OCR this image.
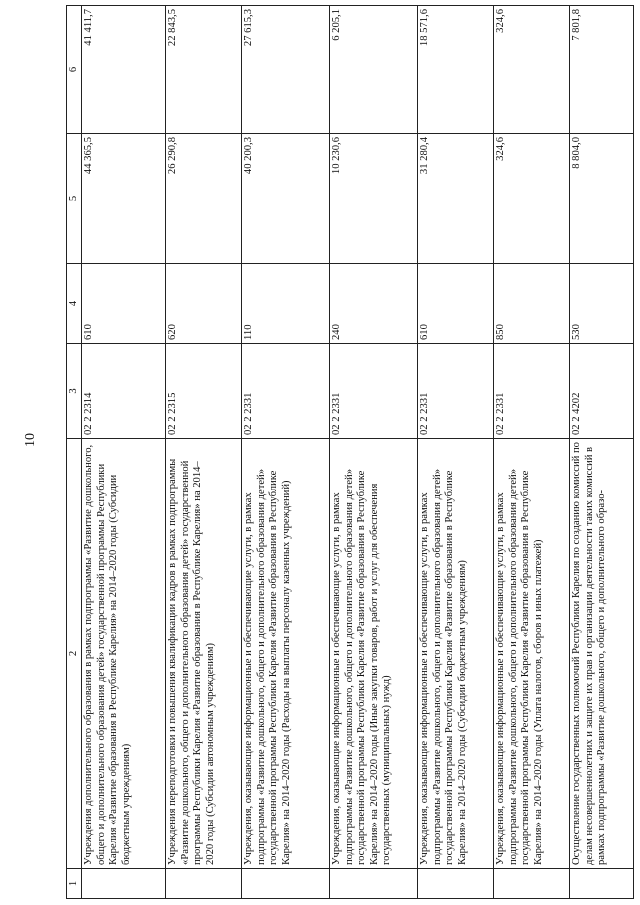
10
1	2	3	4	5	6
	Учреждения дополнительного образования в рамках подпрограммы «Развитие дошкольного, общего и дополнительного образования детей» государственной программы Республики Карелия «Развитие образования в Республике Карелия» на 2014–2020 годы (Субсидии бюджетным учреждениям)	02 2 2314	610	44 365,5	41 411,7
	Учреждения переподготовки и повышения квалификации кадров в рамках подпрограммы «Развитие дошкольного, общего и дополнительного образования детей» государственной программы Республики Карелия «Развитие образования в Республике Карелия» на 2014–2020 годы (Субсидии автономным учреждениям)	02 2 2315	620	26 290,8	22 843,5
	Учреждения, оказывающие информационные и обеспечивающие услуги, в рамках подпрограммы «Развитие дошкольного, общего и дополнительного образования детей» государственной программы Республики Карелия «Развитие образования в Республике Карелия» на 2014–2020 годы (Расходы на выплаты персоналу казенных учреждений)	02 2 2331	110	40 200,3	27 615,3
	Учреждения, оказывающие информационные и обеспечивающие услуги, в рамках подпрограммы «Развитие дошкольного, общего и дополнительного образования детей» государственной программы Республики Карелия «Развитие образования в Республике Карелия» на 2014–2020 годы (Иные закупки товаров, работ и услуг для обеспечения государственных (муниципальных) нужд)	02 2 2331	240	10 230,6	6 205,1
	Учреждения, оказывающие информационные и обеспечивающие услуги, в рамках подпрограммы «Развитие дошкольного, общего и дополнительного образования детей» государственной программы Республики Карелия «Развитие образования в Республике Карелия» на 2014–2020 годы (Субсидии бюджетным учреждениям)	02 2 2331	610	31 280,4	18 571,6
	Учреждения, оказывающие информационные и обеспечивающие услуги, в рамках подпрограммы «Развитие дошкольного, общего и дополнительного образования детей» государственной программы Республики Карелия «Развитие образования в Республике Карелия» на 2014–2020 годы (Уплата налогов, сборов и иных платежей)	02 2 2331	850	324,6	324,6
	Осуществление государственных полномочий Республики Карелия по созданию комиссий по делам несовершеннолетних и защите их прав и организации деятельности таких комиссий в рамках подпрограммы «Развитие дошкольного, общего и дополнительного образо-	02 2 4202	530	8 804,0	7 801,8
